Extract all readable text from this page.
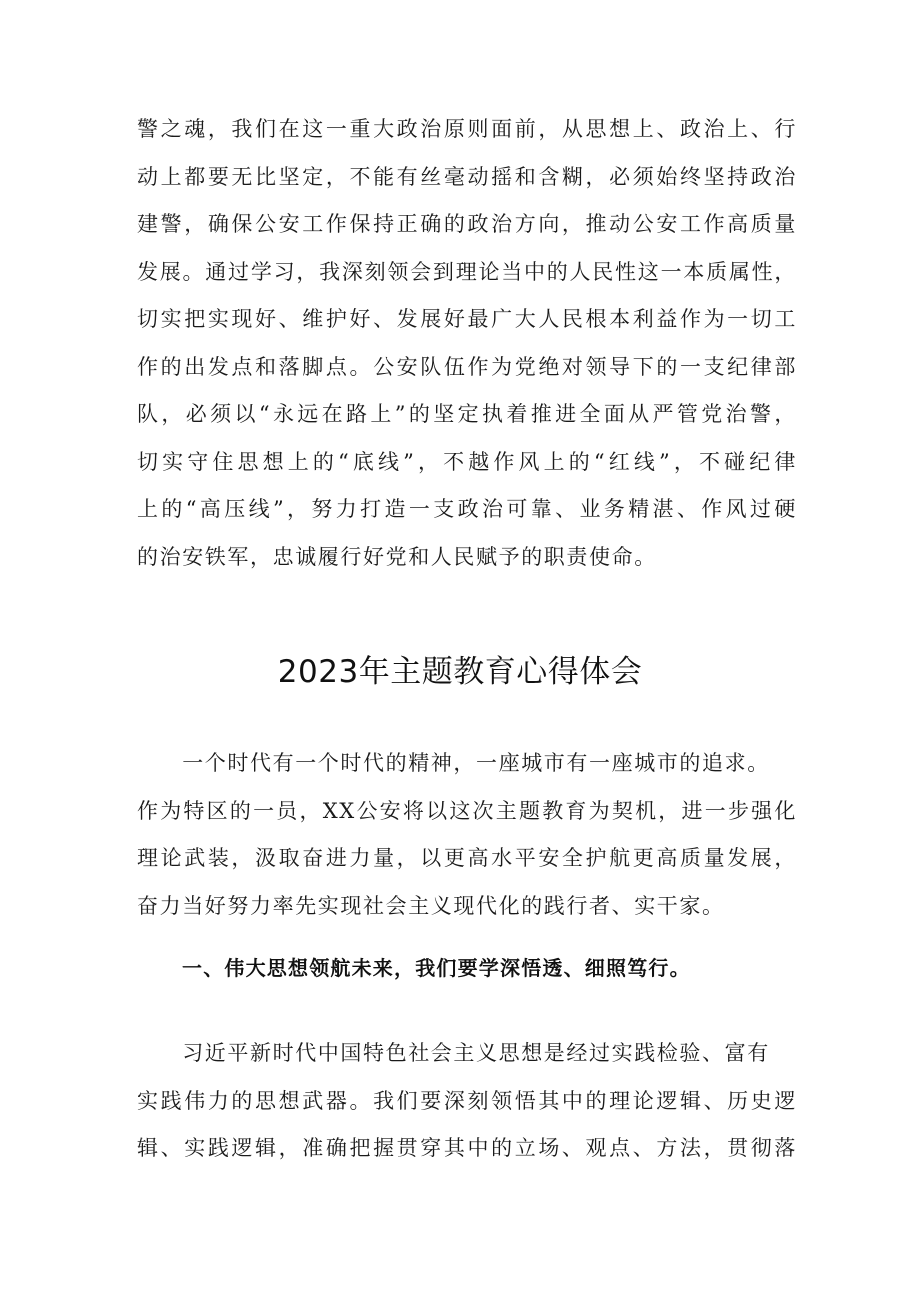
警之魂，我们在这一重大政治原则面前，从思想上、政治上、行
动上都要无比坚定，不能有丝毫动摇和含糊，必须始终坚持政治
建警，确保公安工作保持正确的政治方向，推动公安工作高质量
发展。通过学习，我深刻领会到理论当中的人民性这一本质属性，
切实把实现好、维护好、发展好最广大人民根本利益作为一切工
作的出发点和落脚点。公安队伍作为党绝对领导下的一支纪律部
队，必须以“永远在路上”的坚定执着推进全面从严管党治警，
切实守住思想上的“底线”，不越作风上的“红线”，不碰纪律
上的“高压线”，努力打造一支政治可靠、业务精湛、作风过硬
的治安铁军，忠诚履行好党和人民赋予的职责使命。
2023年主题教育心得体会
　　一个时代有一个时代的精神，一座城市有一座城市的追求。
作为特区的一员，XX公安将以这次主题教育为契机，进一步强化
理论武装，汲取奋进力量，以更高水平安全护航更高质量发展，
奋力当好努力率先实现社会主义现代化的践行者、实干家。
一、伟大思想领航未来，我们要学深悟透、细照笃行。
　　习近平新时代中国特色社会主义思想是经过实践检验、富有
实践伟力的思想武器。我们要深刻领悟其中的理论逻辑、历史逻
辑、实践逻辑，准确把握贯穿其中的立场、观点、方法，贯彻落
